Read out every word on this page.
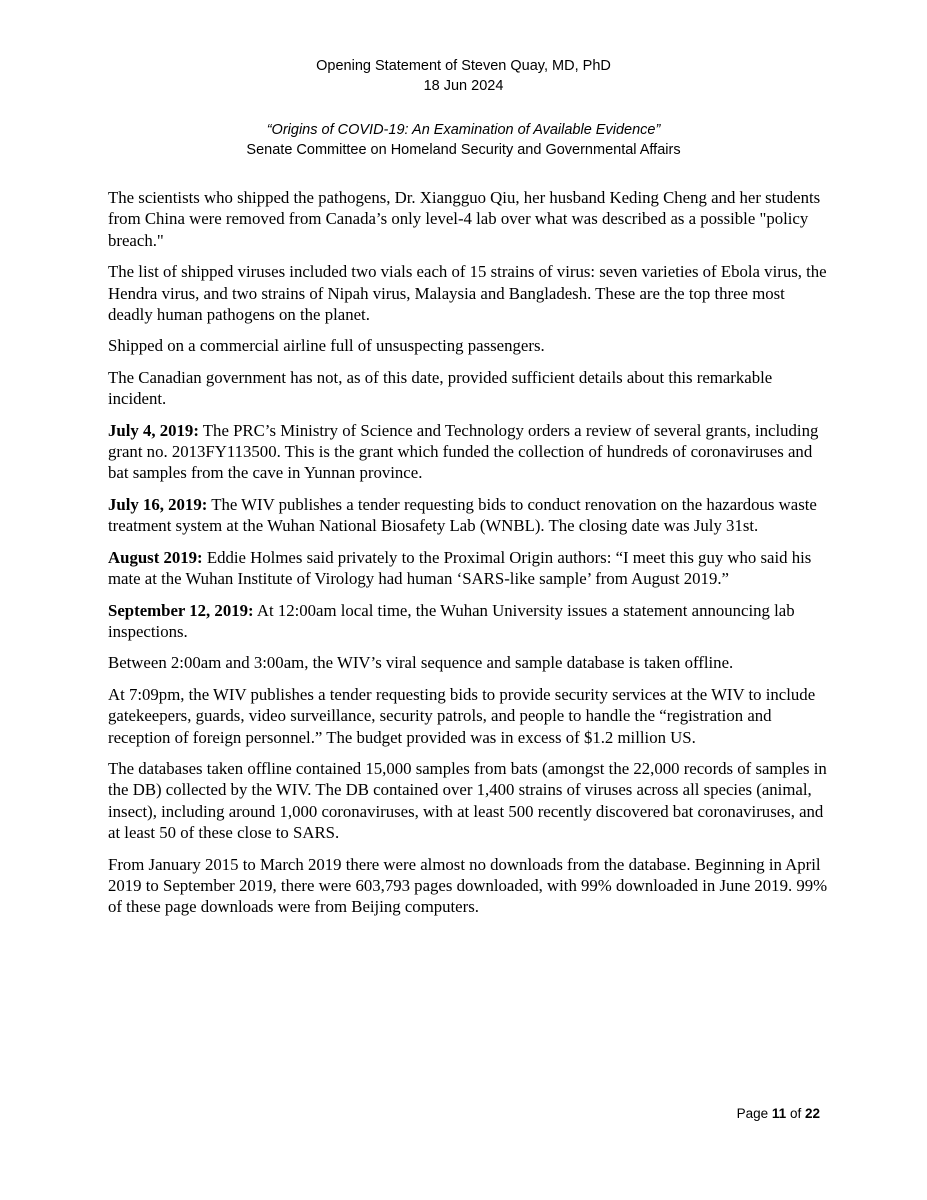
Opening Statement of Steven Quay, MD, PhD
18 Jun 2024
“Origins of COVID-19: An Examination of Available Evidence”
Senate Committee on Homeland Security and Governmental Affairs

The scientists who shipped the pathogens, Dr. Xiangguo Qiu, her husband Keding Cheng and her students from China were removed from Canada’s only level-4 lab over what was described as a possible "policy breach."

The list of shipped viruses included two vials each of 15 strains of virus: seven varieties of Ebola virus, the Hendra virus, and two strains of Nipah virus, Malaysia and Bangladesh. These are the top three most deadly human pathogens on the planet.

Shipped on a commercial airline full of unsuspecting passengers.

The Canadian government has not, as of this date, provided sufficient details about this remarkable incident.

July 4, 2019: The PRC’s Ministry of Science and Technology orders a review of several grants, including grant no. 2013FY113500. This is the grant which funded the collection of hundreds of coronaviruses and bat samples from the cave in Yunnan province.

July 16, 2019: The WIV publishes a tender requesting bids to conduct renovation on the hazardous waste treatment system at the Wuhan National Biosafety Lab (WNBL). The closing date was July 31st.

August 2019: Eddie Holmes said privately to the Proximal Origin authors: “I meet this guy who said his mate at the Wuhan Institute of Virology had human ‘SARS-like sample’ from August 2019.”

September 12, 2019: At 12:00am local time, the Wuhan University issues a statement announcing lab inspections.

Between 2:00am and 3:00am, the WIV’s viral sequence and sample database is taken offline.

At 7:09pm, the WIV publishes a tender requesting bids to provide security services at the WIV to include gatekeepers, guards, video surveillance, security patrols, and people to handle the “registration and reception of foreign personnel.” The budget provided was in excess of $1.2 million US.

The databases taken offline contained 15,000 samples from bats (amongst the 22,000 records of samples in the DB) collected by the WIV. The DB contained over 1,400 strains of viruses across all species (animal, insect), including around 1,000 coronaviruses, with at least 500 recently discovered bat coronaviruses, and at least 50 of these close to SARS.

From January 2015 to March 2019 there were almost no downloads from the database. Beginning in April 2019 to September 2019, there were 603,793 pages downloaded, with 99% downloaded in June 2019. 99% of these page downloads were from Beijing computers.

Page 11 of 22
